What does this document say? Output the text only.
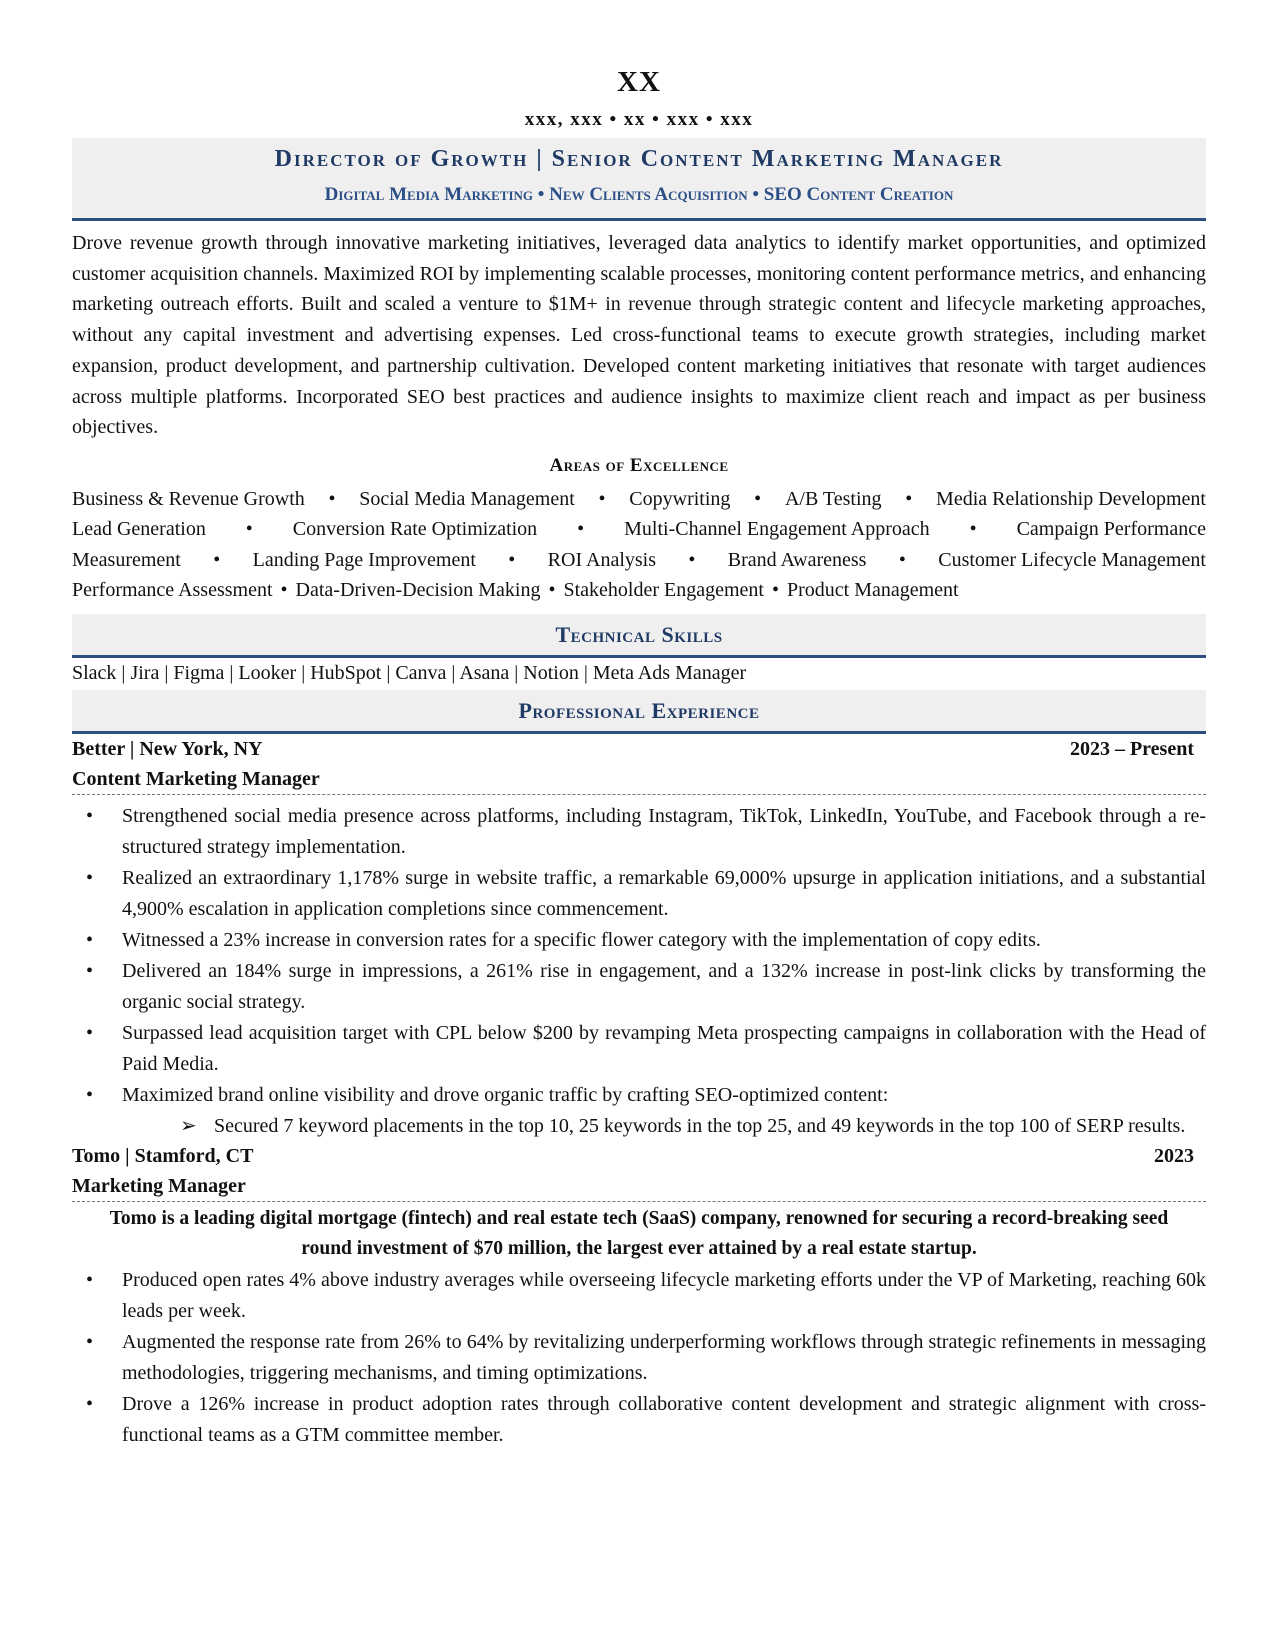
XX
xxx, xxx • xx • xxx • xxx
Director of Growth | Senior Content Marketing Manager
Digital Media Marketing • New Clients Acquisition • SEO Content Creation
Drove revenue growth through innovative marketing initiatives, leveraged data analytics to identify market opportunities, and optimized customer acquisition channels. Maximized ROI by implementing scalable processes, monitoring content performance metrics, and enhancing marketing outreach efforts. Built and scaled a venture to $1M+ in revenue through strategic content and lifecycle marketing approaches, without any capital investment and advertising expenses. Led cross-functional teams to execute growth strategies, including market expansion, product development, and partnership cultivation. Developed content marketing initiatives that resonate with target audiences across multiple platforms. Incorporated SEO best practices and audience insights to maximize client reach and impact as per business objectives.
Areas of Excellence
Business & Revenue Growth • Social Media Management • Copywriting • A/B Testing • Media Relationship Development
Lead Generation • Conversion Rate Optimization • Multi-Channel Engagement Approach • Campaign Performance
Measurement • Landing Page Improvement • ROI Analysis • Brand Awareness • Customer Lifecycle Management
Performance Assessment • Data-Driven-Decision Making • Stakeholder Engagement • Product Management
Technical Skills
Slack | Jira | Figma | Looker | HubSpot | Canva | Asana | Notion | Meta Ads Manager
Professional Experience
Better | New York, NY	2023 – Present
Content Marketing Manager
• Strengthened social media presence across platforms, including Instagram, TikTok, LinkedIn, YouTube, and Facebook through a re-structured strategy implementation.
• Realized an extraordinary 1,178% surge in website traffic, a remarkable 69,000% upsurge in application initiations, and a substantial 4,900% escalation in application completions since commencement.
• Witnessed a 23% increase in conversion rates for a specific flower category with the implementation of copy edits.
• Delivered an 184% surge in impressions, a 261% rise in engagement, and a 132% increase in post-link clicks by transforming the organic social strategy.
• Surpassed lead acquisition target with CPL below $200 by revamping Meta prospecting campaigns in collaboration with the Head of Paid Media.
• Maximized brand online visibility and drove organic traffic by crafting SEO-optimized content:
➢ Secured 7 keyword placements in the top 10, 25 keywords in the top 25, and 49 keywords in the top 100 of SERP results.
Tomo | Stamford, CT	2023
Marketing Manager
Tomo is a leading digital mortgage (fintech) and real estate tech (SaaS) company, renowned for securing a record-breaking seed round investment of $70 million, the largest ever attained by a real estate startup.
• Produced open rates 4% above industry averages while overseeing lifecycle marketing efforts under the VP of Marketing, reaching 60k leads per week.
• Augmented the response rate from 26% to 64% by revitalizing underperforming workflows through strategic refinements in messaging methodologies, triggering mechanisms, and timing optimizations.
• Drove a 126% increase in product adoption rates through collaborative content development and strategic alignment with cross-functional teams as a GTM committee member.
